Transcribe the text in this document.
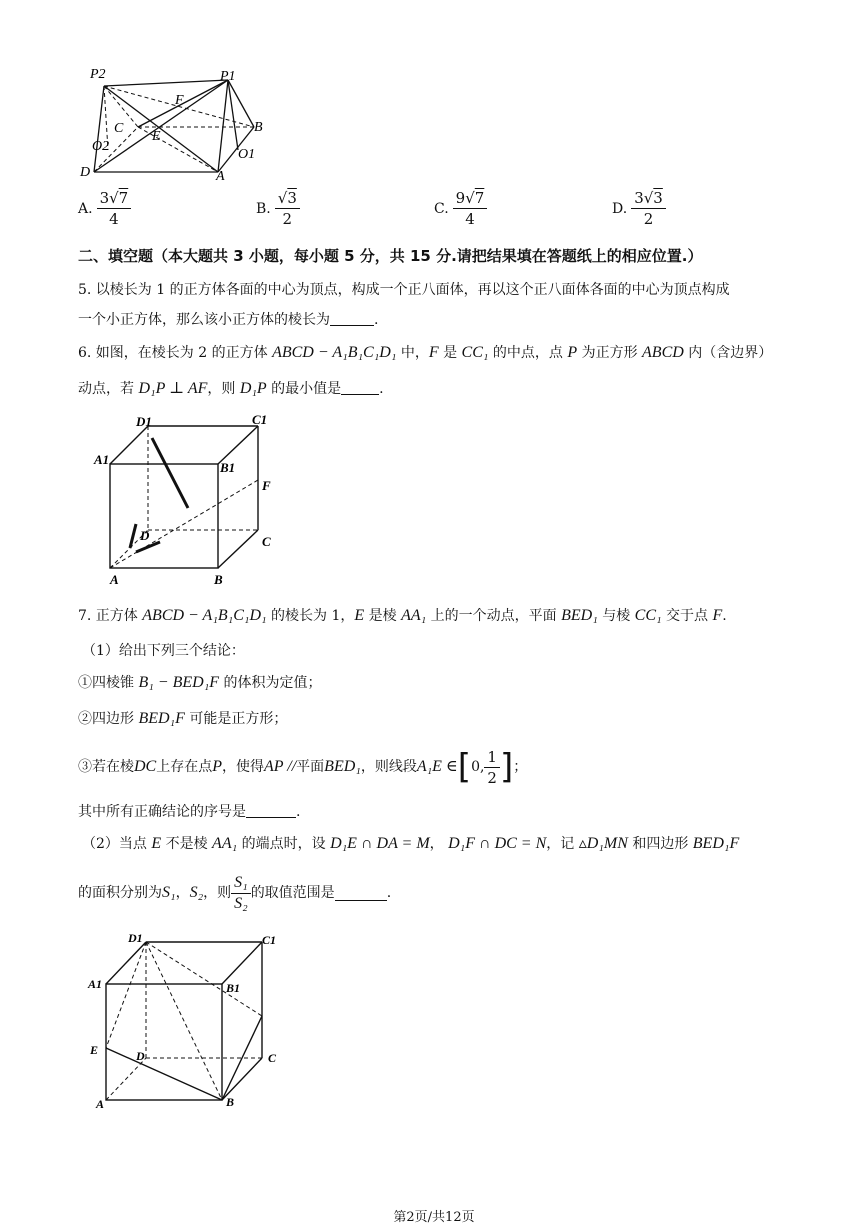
P2	P1
F
C
E
B
O2
O1
D	A
A. $\frac{3√7}{4}$	B. $\frac{√3}{2}$	C. $\frac{9√7}{4}$	D. $\frac{3√3}{2}$
二、填空题（本大题共 3 小题，每小题 5 分，共 15 分.请把结果填在答题纸上的相应位置.）
5. 以棱长为 1 的正方体各面的中心为顶点，构成一个正八面体，再以这个正八面体各面的中心为顶点构成
一个小正方体，那么该小正方体的棱长为	.
6. 如图，在棱长为 2 的正方体 ABCD − A₁B₁C₁D₁ 中，F 是 CC₁ 的中点，点 P 为正方形 ABCD 内（含边界）
动点，若 D₁P ⊥ AF，则 D₁P 的最小值是	.
D1	C1
A1
B1
F
D	C
A	B
7. 正方体 ABCD − A₁B₁C₁D₁ 的棱长为 1，E 是棱 AA₁ 上的一个动点，平面 BED₁ 与棱 CC₁ 交于点 F.
（1）给出下列三个结论：
①四棱锥 B₁ − BED₁F 的体积为定值；
②四边形 BED₁F 可能是正方形；
③若在棱 DC 上存在点 P ，使得 AP // 平面 BED₁ ，则线段 A₁E ∈ [ 0, $\frac{1}{2}$ ] ；
其中所有正确结论的序号是	.
（2）当点 E 不是棱 AA₁ 的端点时，设 D₁E ∩ DA = M， D₁F ∩ DC = N，记 ▵D₁MN 和四边形 BED₁F
的面积分别为 S₁ ， S₂ ，则 $\frac{\text{S₁}}{\text{S₂}}$ 的取值范围是	.
D1	C1
A1	B1
E	D	C
A	B
第2页/共12页
